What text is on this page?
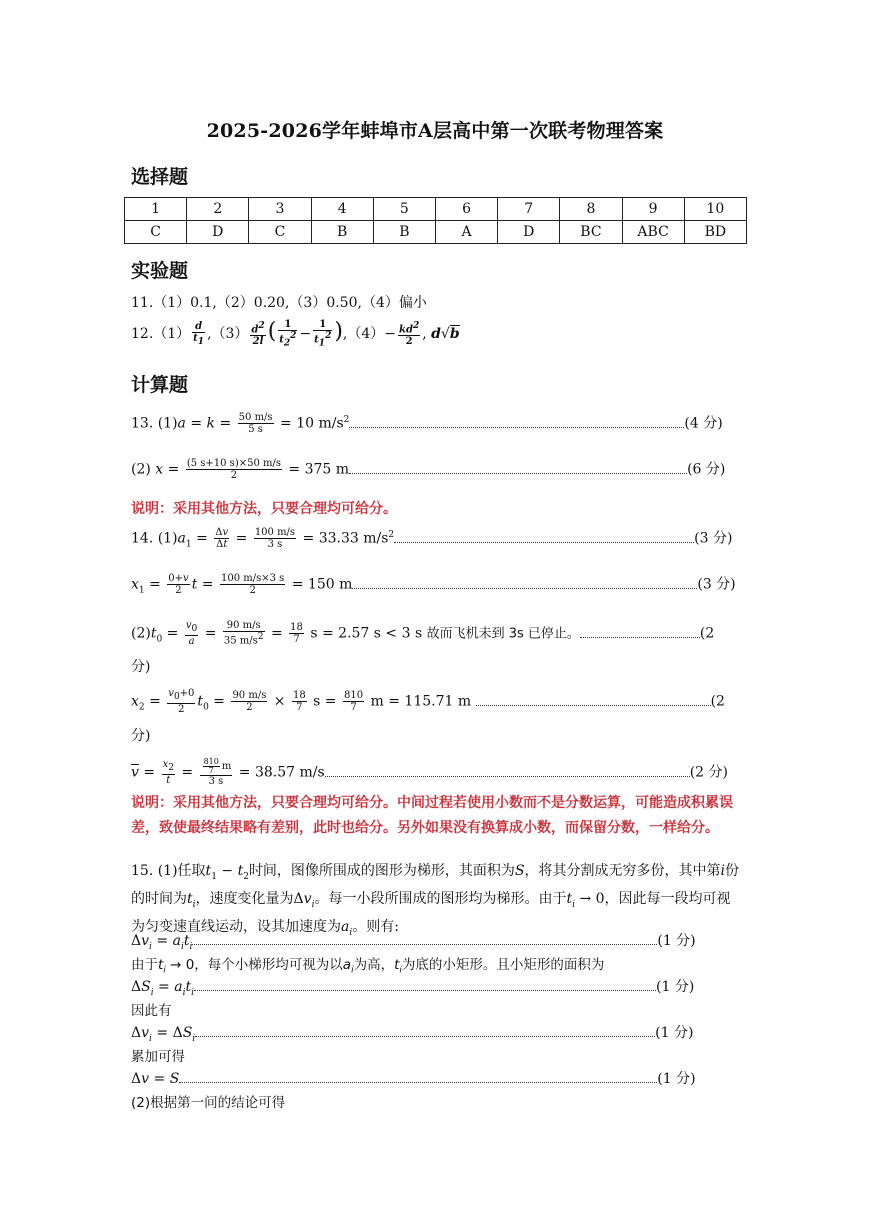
2025-2026学年蚌埠市A层高中第一次联考物理答案
选择题
1	2	3	4	5	6	7	8	9	10
C	D	C	B	B	A	D	BC	ABC	BD
实验题
11.（1）0.1,（2）0.20,（3）0.50,（4）偏小
$12.(1) \frac{d}{t_1} ,(3) \frac{d^2}{2l}$ ( $\frac{1}{t_2^2} - \frac{1}{t_1^2} ),(4)- \frac{kd^2}{2}$ , d√b
计算题
13. $(1)a = k = \frac{50 m/s}{5 s} = 10$ $m/s^2$	(4 分)
(2) $x = \frac{(5 s+10 s)\times 50 m/s}{2} = 375$ m	(6 分)
说明：采用其他方法，只要合理均可给分。
14. $(1)a_1 = \frac{\Delta v}{\Delta t} = \frac{100 m/s}{3 s} = 33.33$ $m/s^2$	(3 分)
$x_1 = \frac{0+v}{2}$ $t = \frac{100 m/s\times 3 s}{2} = 150$ m	(3 分)
$(2)t_0 = \frac{v_0}{a} = \frac{90 m/s}{35 m/s^2} = \frac{18}{7}$ s = 2.57 s < 3 s 故而飞机未到 3s 已停止。	(2
分)
$x_2 = \frac{v_0+0}{2} t_0 = \frac{90 m/s}{2} \times \frac{18}{7}$ $s = \frac{810}{7}$ m = 115.71 m	(2
分)
$\overline{v} = \frac{x_2}{t} = \frac{\frac{810}{7} m}{3 s} = 38.57$ m/s	(2 分)
说明：采用其他方法，只要合理均可给分。中间过程若使用小数而不是分数运算，可能造成积累误差，致使最终结果略有差别，此时也给分。另外如果没有换算成小数，而保留分数，一样给分。
15. (1)任取$t_1 - t_2$时间，图像所围成的图形为梯形，其面积为S，将其分割成无穷多份，其中第i份的时间为$t_i$，速度变化量为$\Delta v_i$。每一小段所围成的图形均为梯形。由于$t_i \to 0$，因此每一段均可视为匀变速直线运动，设其加速度为$a_i$。则有:
$\Delta v_i = a_it_i$	(1 分)
由于$t_i \to 0$，每个小梯形均可视为以$a_i$为高，$t_i$为底的小矩形。且小矩形的面积为
$\Delta S_i = a_it_i$	(1 分)
因此有
$\Delta v_i = \Delta S_i$	(1 分)
累加可得
Δv = S	(1 分)
(2)根据第一问的结论可得
